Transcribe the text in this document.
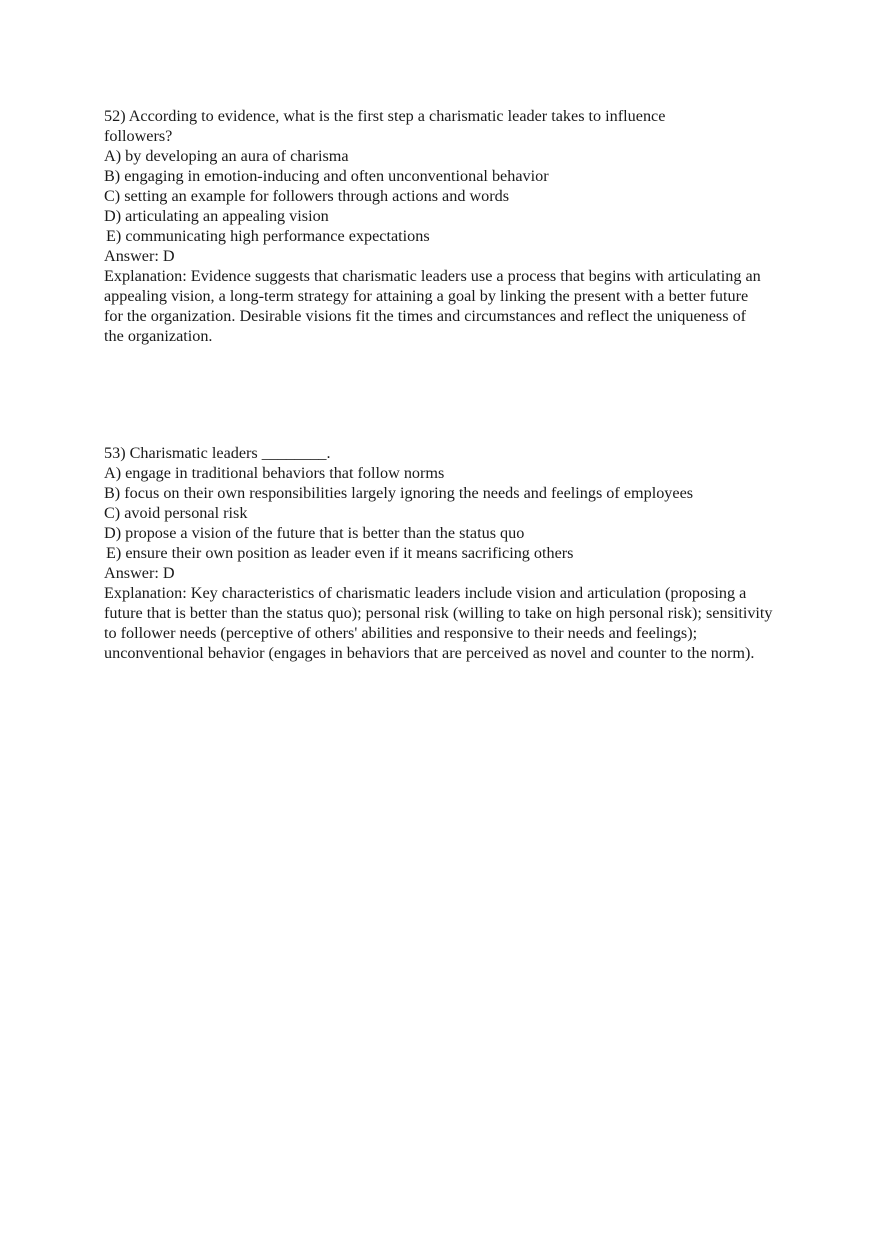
52) According to evidence, what is the first step a charismatic leader takes to influence followers?
A) by developing an aura of charisma
B) engaging in emotion-inducing and often unconventional behavior
C) setting an example for followers through actions and words
D) articulating an appealing vision
E) communicating high performance expectations
Answer: D
Explanation: Evidence suggests that charismatic leaders use a process that begins with articulating an appealing vision, a long-term strategy for attaining a goal by linking the present with a better future for the organization. Desirable visions fit the times and circumstances and reflect the uniqueness of the organization.
53) Charismatic leaders ________.
A) engage in traditional behaviors that follow norms
B) focus on their own responsibilities largely ignoring the needs and feelings of employees
C) avoid personal risk
D) propose a vision of the future that is better than the status quo
E) ensure their own position as leader even if it means sacrificing others
Answer: D
Explanation: Key characteristics of charismatic leaders include vision and articulation (proposing a future that is better than the status quo); personal risk (willing to take on high personal risk); sensitivity to follower needs (perceptive of others' abilities and responsive to their needs and feelings); unconventional behavior (engages in behaviors that are perceived as novel and counter to the norm).
